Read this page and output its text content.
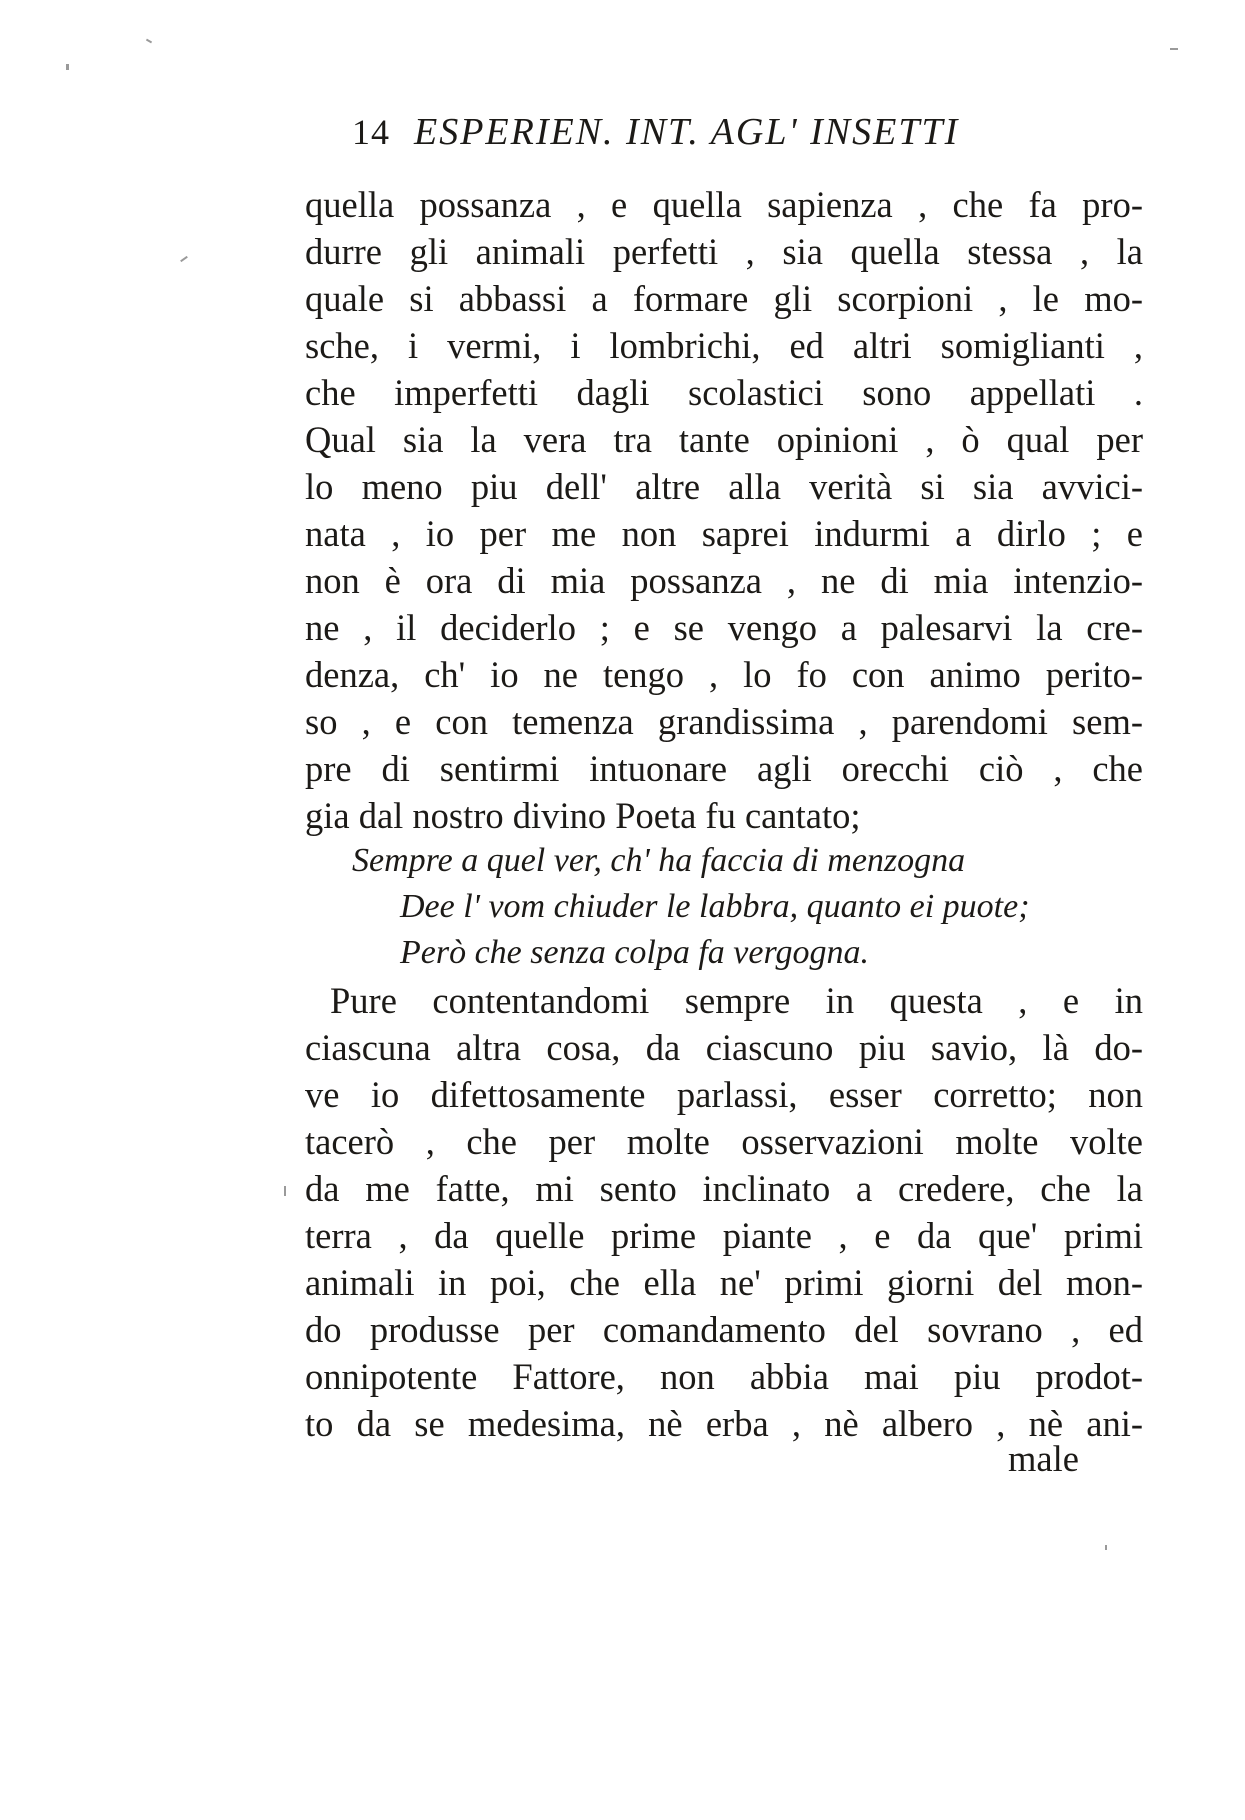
14 ESPERIEN. INT. AGL' INSETTI
quella possanza , e quella sapienza , che fa pro-
durre gli animali perfetti , sia quella stessa , la
quale si abbassi a formare gli scorpioni , le mo-
sche, i vermi, i lombrichi, ed altri somiglianti ,
che imperfetti dagli scolastici sono appellati .
Qual sia la vera tra tante opinioni , ò qual per
lo meno piu dell' altre alla verità si sia avvici-
nata , io per me non saprei indurmi a dirlo ; e
non è ora di mia possanza , ne di mia intenzio-
ne , il deciderlo ; e se vengo a palesarvi la cre-
denza, ch' io ne tengo , lo fo con animo perito-
so , e con temenza grandissima , parendomi sem-
pre di sentirmi intuonare agli orecchi ciò , che
gia dal nostro divino Poeta fu cantato;
Sempre a quel ver, ch' ha faccia di menzogna
Dee l' vom chiuder le labbra, quanto ei puote;
Però che senza colpa fa vergogna.
Pure contentandomi sempre in questa , e in
ciascuna altra cosa, da ciascuno piu savio, là do-
ve io difettosamente parlassi, esser corretto; non
tacerò , che per molte osservazioni molte volte
da me fatte, mi sento inclinato a credere, che la
terra , da quelle prime piante , e da que' primi
animali in poi, che ella ne' primi giorni del mon-
do produsse per comandamento del sovrano , ed
onnipotente Fattore, non abbia mai piu prodot-
to da se medesima, nè erba , nè albero , nè ani-
male
